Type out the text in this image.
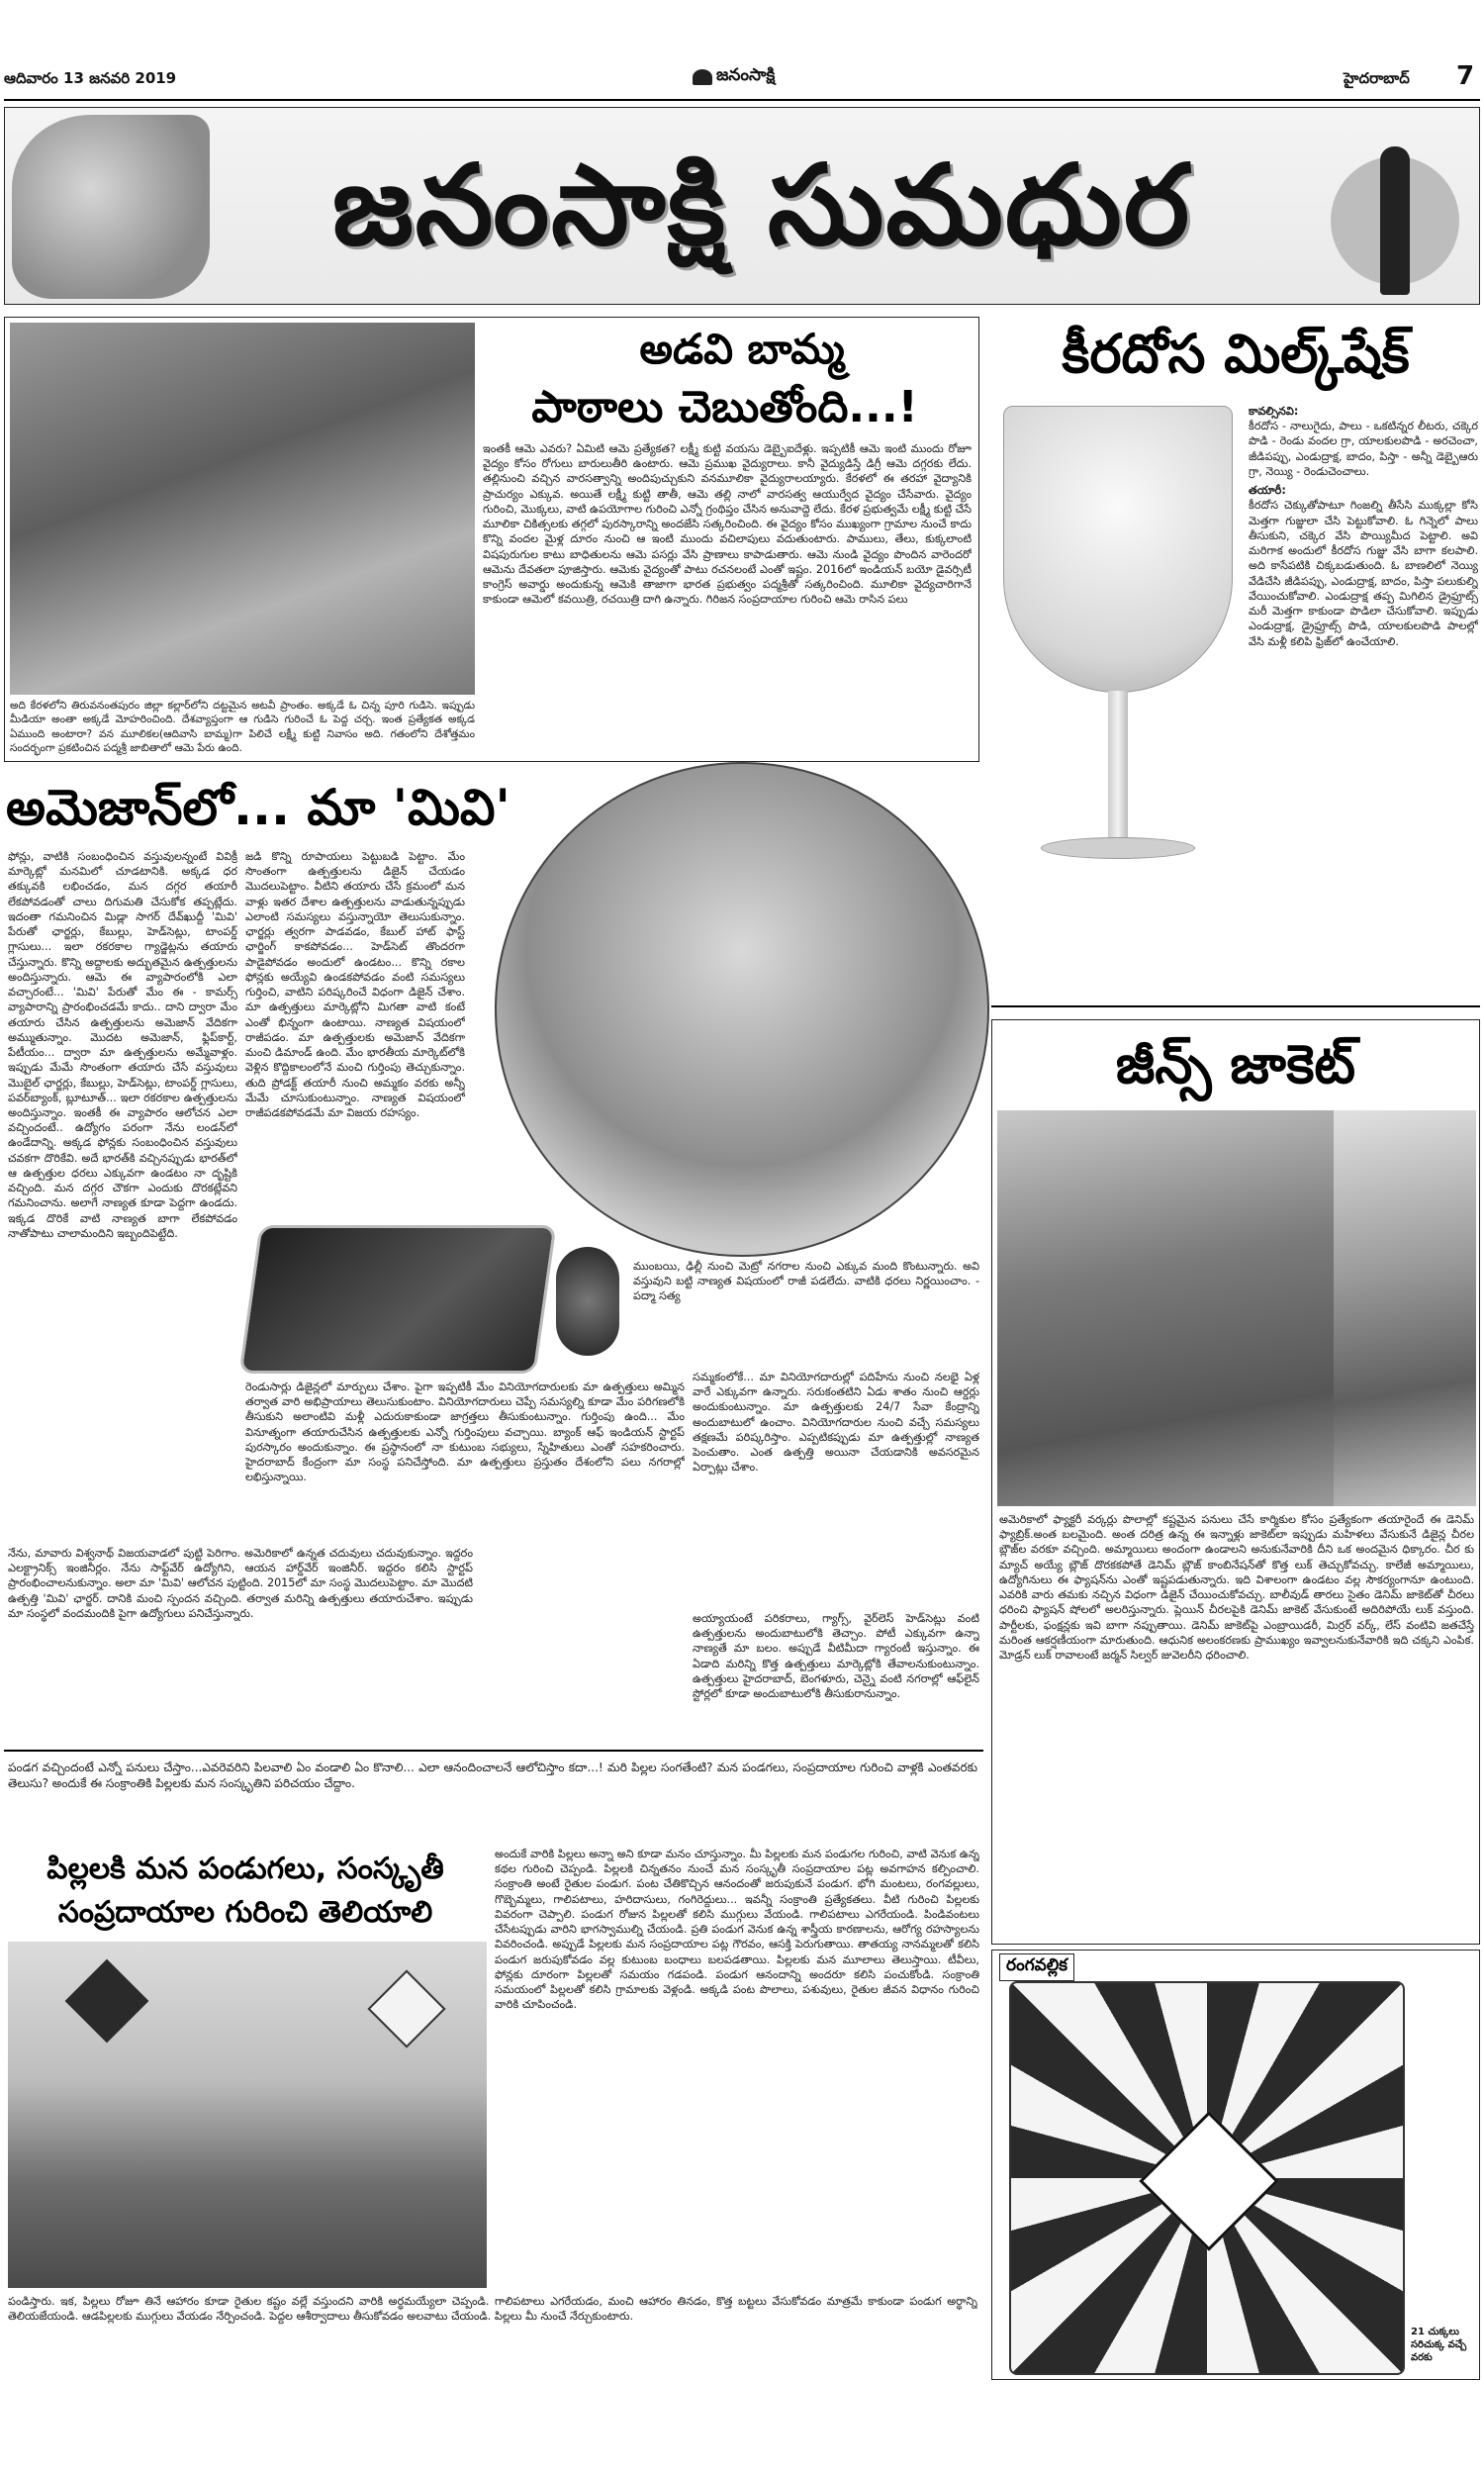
ఆదివారం 13 జనవరి 2019	జనంసాక్షి	హైదరాబాద్ 7
జనంసాక్షి సుమధుర
అడవి బామ్మ
పాఠాలు చెబుతోంది...!
ఇంతకీ ఆమె ఎవరు? ఏమిటి ఆమె ప్రత్యేకత? లక్ష్మీ కుట్టి వయసు డెబ్బైఐదేళ్లు. ఇప్పటికీ ఆమె ఇంటి ముందు రోజూ వైద్యం కోసం రోగులు బారులుతీరి ఉంటారు. ఆమె ప్రముఖ వైద్యురాలు. కానీ వైద్యుడిస్తే డిగ్రీ ఆమె దగ్గరకు లేదు. తల్లినుంచి వచ్చిన వారసత్వాన్ని అందిపుచ్చుకుని వనమూలికా వైద్యురాలయ్యారు. కేరళలో ఈ తరహా వైద్యానికి ప్రాచుర్యం ఎక్కువ. అయితే లక్ష్మీ కుట్టి తాతీ, ఆమె తల్లి నాలో వారసత్వ ఆయుర్వేద వైద్యం చేసేవారు. వైద్యం గురించి, మొక్కలు, వాటి ఉపయోగాల గురించి ఎన్నో గ్రంథిప్తం చేసిన అనువాద్దె లేదు. కేరళ ప్రభుత్వమే లక్ష్మీ కుట్టి చేసే మూలికా చికిత్సలకు తగ్గలో పురస్కారాన్ని అందజేసి సత్కరించింది. ఈ వైద్యం కోసం ముఖ్యంగా గ్రామాల నుంచే కాదు కొన్ని వందల మైళ్ల దూరం నుంచి ఆ ఇంటి ముందు వచిలాపులు వదుతుంటారు. పాములు, తేలు, కుక్కలాంటి విషపురుగుల కాటు బాధితులను ఆమె పసర్లు వేసి ప్రాణాలు కాపాడుతారు. ఆమె నుండి వైద్యం పొందిన వారెందరో ఆమెను దేవతలా పూజిస్తారు. ఆమెకు వైద్యంతో పాటు రచనలంటే ఎంతో ఇష్టం. 2016లో ఇండియన్‌ బయో డైవర్సిటీ కాంగ్రెస్‌ అవార్డు అందుకున్న ఆమెకి తాజాగా భారత ప్రభుత్వం పద్మశ్రీతో సత్కరించింది. మూలికా వైద్యచారిగానే కాకుండా ఆమెలో కవయిత్రి, రచయిత్రి దాగి ఉన్నారు. గిరిజన సంప్రదాయాల గురించి ఆమె రాసిన పలు
అది కేరళలోని తిరువనంతపురం జిల్లా కల్లార్‌లోని దట్టమైన అటవీ ప్రాంతం. అక్కడే ఓ చిన్న పూరి గుడిసె. ఇప్పుడు మీడియా అంతా అక్కడే మోహరించింది. దేశవ్యాప్తంగా ఆ గుడిసె గురించే ఓ పెద్ద చర్చ. ఇంత ప్రత్యేకత అక్కడ ఏముంది అంటారా? వన మూలికల(ఆదివాసి బామ్మ)గా పిలిచే లక్ష్మీ కుట్టి నివాసం అది. గతంలోని దేశోత్తమం సందర్భంగా ప్రకటించిన పద్మశ్రీ జాబితాలో ఆమె పేరు ఉంది.
కీరదోస మిల్క్‌షేక్‌
కావల్సినవి:
కీరదోస - నాలుగైదు, పాలు - ఒకటిన్నర లీటరు, చక్కెర పొడి - రెండు వందల గ్రా, యాలకులపొడి - అరచెంచా, జీడిపప్పు, ఎండుద్రాక్ష, బాదం, పిస్తా - అన్నీ డెబ్బైఆరు గ్రా, నెయ్యి - రెండుచెంచాలు.
తయారీ:
కీరదోస చెక్కుతోపాటూ గింజల్ని తీసేసి ముక్కల్లా కోసి మెత్తగా గుజ్జులా చేసి పెట్టుకోవాలి. ఓ గిన్నెలో పాలు తీసుకుని, చక్కెర వేసి పొయ్యిమీద పెట్టాలి. అవి మరిగాక అందులో కీరదోస గుజ్జు వేసి బాగా కలపాలి. అది కాసేపటికి చిక్కబడుతుంది. ఓ బాణలిలో నెయ్యి వేడిచేసి జీడిపప్పు, ఎండుద్రాక్ష, బాదం, పిస్తా పలుకుల్ని వేయించుకోవాలి. ఎండుద్రాక్ష తప్ప మిగిలిన డ్రైఫ్రూట్స్‌ మరీ మెత్తగా కాకుండా పొడిలా చేసుకోవాలి. ఇప్పుడు ఎండుద్రాక్ష, డ్రైఫ్రూట్స్‌ పొడి, యాలకులపొడి పాలల్లో వేసి మళ్లీ కలిపి ఫ్రిజ్‌లో ఉంచేయాలి.
అమెజాన్‌లో... మా 'మివి'
ఫోన్లు, వాటికి సంబంధించిన వస్తువులన్నంటే వివిక్రీ మార్కెట్లో మనమిలో చూడటానికి. అక్కడ ధర తక్కువకి లభించడం, మన దగ్గర తయారీ లేకపోవడంతో చాలు దిగుమతి చేసుకోక తప్పట్లేదు. ఇదంతా గమనించిన మిడ్లా సాగర్‌ దేవ్‌ఖుద్దీ 'మివి' పేరుతో ఛార్జర్లు, కేబుల్లు, హెడ్‌సెట్లు, టాంపర్డ్‌ గ్లాసులు... ఇలా రకరకాల గ్యాడ్జెట్లను తయారు చేస్తున్నారు. కొన్ని అద్దాలకు అద్భుతమైన ఉత్పత్తులను అందిస్తున్నారు. ఆమె ఈ వ్యాపారంలోకి ఎలా వచ్చారంటే... 'మివి' పేరుతో మేం ఈ - కామర్స్‌ వ్యాపారాన్ని ప్రారంభించడమే కాదు.. దాని ద్వారా మేం తయారు చేసిన ఉత్పత్తులను అమెజాన్‌ వేదికగా అమ్ముతున్నాం. మొదట అమెజాన్‌, ఫ్లిప్‌కార్ట్‌, పేటీయం... ద్వారా మా ఉత్పత్తులను అమ్మేవాళ్లం. ఇప్పుడు మేమే సొంతంగా తయారు చేసే వస్తువులు మొబైల్‌ ఛార్జర్లు, కేబుల్లు, హెడ్‌సెట్లు, టాంపర్డ్‌ గ్లాసులు, పవర్‌బ్యాంక్‌, బ్లూటూత్‌... ఇలా రకరకాల ఉత్పత్తులను అందిస్తున్నాం. ఇంతకీ ఈ వ్యాపారం ఆలోచన ఎలా వచ్చిందంటే.. ఉద్యోగం పరంగా నేను లండన్‌లో ఉండేదాన్ని. అక్కడ ఫోన్లకు సంబంధించిన వస్తువులు చవకగా దొరికేవి. అదే భారత్‌కి వచ్చినప్పుడు భారత్‌లో ఆ ఉత్పత్తుల ధరలు ఎక్కువగా ఉండటం నా దృష్టికి వచ్చింది. మన దగ్గర చౌకగా ఎందుకు దొరకట్లేవని గమనించాను. అలాగే నాణ్యత కూడా పెద్దగా ఉండదు. ఇక్కడ దొరికే వాటి నాణ్యత బాగా లేకపోవడం నాతోపాటు చాలామందిని ఇబ్బందిపెట్టేది.
జడి కొన్ని రూపాయలు పెట్టుబడి పెట్టాం. మేం సొంతంగా ఉత్పత్తులను డిజైన్‌ చేయడం మొదలుపెట్టాం. వీటిని తయారు చేసే క్రమంలో మన వాళ్లు ఇతర దేశాల ఉత్పత్తులను వాడుతున్నప్పుడు ఎలాంటి సమస్యలు వస్తున్నాయో తెలుసుకున్నాం. ఛార్జర్లు త్వరగా పాడవడం, కేబుల్‌ హాట్‌ ఫాస్ట్‌ ఛార్జింగ్‌ కాకపోవడం... హెడ్‌సెట్‌ తొందరగా పాడైపోవడం అందులో ఉండటం... కొన్ని రకాల ఫోన్లకు అయ్యేవి ఉండకపోవడం వంటి సమస్యలు గుర్తించి, వాటిని పరిష్కరించే విధంగా డిజైన్‌ చేశాం. మా ఉత్పత్తులు మార్కెట్లోని మిగతా వాటి కంటే ఎంతో భిన్నంగా ఉంటాయి. నాణ్యత విషయంలో రాజీపడం. మా ఉత్పత్తులకు అమెజాన్‌ వేదికగా మంచి డిమాండ్‌ ఉంది. మేం భారతీయ మార్కెట్‌లోకి వెళ్లిన కొద్దికాలంలోనే మంచి గుర్తింపు తెచ్చుకున్నాం. తుది ప్రోడక్ట్‌ తయారీ నుంచి అమ్మకం వరకు అన్నీ మేమే చూసుకుంటున్నాం. నాణ్యత విషయంలో రాజీపడకపోవడమే మా విజయ రహస్యం.
ముంబయి, ఢిల్లీ నుంచి మెట్రో నగరాల నుంచి ఎక్కువ మంది కొంటున్నారు. అవి వస్తువుని బట్టి నాణ్యత విషయంలో రాజీ పడలేదు. వాటికి ధరలు నిర్ణయించాం. - పద్మా సత్య
సమ్మకంలోకే... మా వినియోగదారుల్లో పదిహేను నుంచి నలభై ఏళ్ల వారే ఎక్కువగా ఉన్నారు. సరుకంతటిని ఏడు శాతం నుంచి ఆర్డర్లు అందుకుంటున్నాం. మా ఉత్పత్తులకు 24/7 సేవా కేంద్రాన్ని అందుబాటులో ఉంచాం. వినియోగదారుల నుంచి వచ్చే సమస్యలు తక్షణమే పరిష్కరిస్తాం. ఎప్పటికప్పుడు మా ఉత్పత్తుల్లో నాణ్యత పెంచుతాం. ఎంత ఉత్పత్తి అయినా చేయడానికి అవసరమైన ఏర్పాట్లు చేశాం.
రెండుసార్లు డిజైన్లలో మార్పులు చేశాం. పైగా ఇప్పటికీ మేం వినియోగదారులకు మా ఉత్పత్తులు అమ్మిన తర్వాత వారి అభిప్రాయాలు తెలుసుకుంటాం. వినియోగదారులు చెప్పే సమస్యల్ని కూడా మేం పరిగణలోకి తీసుకుని అలాంటివి మళ్లీ ఎదురుకాకుండా జాగ్రత్తలు తీసుకుంటున్నాం. గుర్తింపు ఉంది... మేం వినూత్నంగా తయారుచేసిన ఉత్పత్తులకు ఎన్నో గుర్తింపులు వచ్చాయి. బ్యాంక్‌ ఆఫ్‌ ఇండియన్‌ స్టార్టప్‌ పురస్కారం అందుకున్నాం. ఈ ప్రస్థానంలో నా కుటుంబ సభ్యులు, స్నేహితులు ఎంతో సహకరించారు. హైదరాబాద్‌ కేంద్రంగా మా సంస్థ పనిచేస్తోంది. మా ఉత్పత్తులు ప్రస్తుతం దేశంలోని పలు నగరాల్లో లభిస్తున్నాయి.
నేను, మావారు విశ్వనాథ్‌ విజయవాడలో పుట్టి పెరిగాం. అమెరికాలో ఉన్నత చదువులు చదువుకున్నాం. ఇద్దరం ఎలక్ట్రానిక్స్‌ ఇంజినీర్లం. నేను సాఫ్ట్‌వేర్‌ ఉద్యోగిని, ఆయన హార్డ్‌వేర్‌ ఇంజినీర్‌. ఇద్దరం కలిసి స్టార్టప్‌ ప్రారంభించాలనుకున్నాం. అలా మా 'మివి' ఆలోచన పుట్టింది. 2015లో మా సంస్థ మొదలుపెట్టాం. మా మొదటి ఉత్పత్తి 'మివి' ఛార్జర్‌. దానికి మంచి స్పందన వచ్చింది. తర్వాత మరిన్ని ఉత్పత్తులు తయారుచేశాం. ఇప్పుడు మా సంస్థలో వందమందికి పైగా ఉద్యోగులు పనిచేస్తున్నారు.	అయ్యాయంటే పరికరాలు, గ్యాగ్స్‌, వైర్‌లెస్‌ హెడ్‌సెట్లు వంటి ఉత్పత్తులను అందుబాటులోకి తెచ్చాం. పోటీ ఎక్కువగా ఉన్నా నాణ్యతే మా బలం. అప్పుడే వీటిమీదా గ్యారంటీ ఇస్తున్నాం. ఈ ఏడాది మరిన్ని కొత్త ఉత్పత్తులు మార్కెట్లోకి తేవాలనుకుంటున్నాం. ఉత్పత్తులు హైదరాబాద్‌, బెంగళూరు, చెన్నై వంటి నగరాల్లో ఆఫ్‌లైన్‌ స్టోర్లలో కూడా అందుబాటులోకి తీసుకురానున్నాం.
జీన్స్‌ జాకెట్‌
అమెరికాలో ఫ్యాక్టరీ వర్కర్లు పొలాల్లో కష్టమైన పనులు చేసే కార్మికుల కోసం ప్రత్యేకంగా తయారైందే ఈ డెనిమ్‌ ఫ్యాబ్రిక్‌.అంత బలమైంది. అంత దరిత్ర ఉన్న ఈ ఇన్నాళ్లు జాకెట్‌లా ఇప్పుడు మహిళలు వేసుకునే డిజైన్ల చీరల బ్లౌజ్‌ల వరకూ వచ్చింది. అమ్మాయిలు అందంగా ఉండాలని అనుకునేవారికి దీని ఒక అందమైన ధిక్కారం. చీర కు మ్యాచ్‌ అయ్యే బ్లౌజ్‌ దొరకకపోతే డెనిమ్‌ బ్లౌజ్‌ కాంబినేషన్‌తో కొత్త లుక్‌ తెచ్చుకోవచ్చు. కాలేజీ అమ్మాయిలు, ఉద్యోగినులు ఈ ఫ్యాషన్‌ను ఎంతో ఇష్టపడుతున్నారు. ఇది విశాలంగా ఉండటం వల్ల సౌకర్యంగానూ ఉంటుంది. ఎవరికి వారు తమకు నచ్చిన విధంగా డిజైన్‌ చేయించుకోవచ్చు. బాలీవుడ్‌ తారలు సైతం డెనిమ్‌ జాకెట్‌తో చీరలు ధరించి ఫ్యాషన్‌ షోలలో అలరిస్తున్నారు. ప్లెయిన్‌ చీరలపైకి డెనిమ్‌ జాకెట్‌ వేసుకుంటే అదిరిపోయే లుక్‌ వస్తుంది. పార్టీలకు, ఫంక్షన్లకు ఇవి బాగా నప్పుతాయి. డెనిమ్‌ జాకెట్‌పై ఎంబ్రాయిడరీ, మిర్రర్‌ వర్క్‌, లేస్‌ వంటివి జతచేస్తే మరింత ఆకర్షణీయంగా మారుతుంది. ఆధునిక అలంకరణకు ప్రాముఖ్యం ఇవ్వాలనుకునేవారికి ఇది చక్కని ఎంపిక. మోడ్రన్‌ లుక్‌ రావాలంటే జర్మన్‌ సిల్వర్‌ జువెలరీని ధరించాలి.
పండగ వచ్చిందంటే ఎన్నో పనులు చేస్తాం...ఎవరెవరిని పిలవాలి ఏం వండాలి ఏం కొనాలి... ఎలా ఆనందించాలనే ఆలోచిస్తాం కదా...! మరి పిల్లల సంగతేంటి? మన పండగలు, సంప్రదాయాల గురించి వాళ్లకి ఎంతవరకు తెలుసు? అందుకే ఈ సంక్రాంతికి పిల్లలకు మన సంస్కృతిని పరిచయం చేద్దాం.
పిల్లలకి మన పండుగలు, సంస్కృతీ
సంప్రదాయాల గురించి తెలియాలి
అందుకే వారికి పిల్లలు అన్నా అని కూడా మనం చూస్తున్నాం. మీ పిల్లలకు మన పండుగల గురించి, వాటి వెనుక ఉన్న కథల గురించి చెప్పండి. పిల్లలకి చిన్నతనం నుంచే మన సంస్కృతీ సంప్రదాయాల పట్ల అవగాహన కల్పించాలి. సంక్రాంతి అంటే రైతుల పండుగ. పంట చేతికొచ్చిన ఆనందంతో జరుపుకునే పండుగ. భోగి మంటలు, రంగవల్లులు, గొబ్బెమ్మలు, గాలిపటాలు, హరిదాసులు, గంగిరెద్దులు... ఇవన్నీ సంక్రాంతి ప్రత్యేకతలు. వీటి గురించి పిల్లలకు వివరంగా చెప్పాలి. పండుగ రోజున పిల్లలతో కలిసి ముగ్గులు వేయండి. గాలిపటాలు ఎగరేయండి. పిండివంటలు చేసేటప్పుడు వారిని భాగస్వాముల్ని చేయండి. ప్రతి పండుగ వెనుక ఉన్న శాస్త్రీయ కారణాలను, ఆరోగ్య రహస్యాలను వివరించండి. అప్పుడే పిల్లలకు మన సంప్రదాయాల పట్ల గౌరవం, ఆసక్తి పెరుగుతాయి. తాతయ్య నానమ్మలతో కలిసి పండుగ జరుపుకోవడం వల్ల కుటుంబ బంధాలు బలపడతాయి. పిల్లలకు మన మూలాలు తెలుస్తాయి. టీవీలు, ఫోన్లకు దూరంగా పిల్లలతో సమయం గడపండి. పండుగ ఆనందాన్ని అందరూ కలిసి పంచుకోండి. సంక్రాంతి సమయంలో పిల్లలతో కలిసి గ్రామాలకు వెళ్లండి. అక్కడి పంట పొలాలు, పశువులు, రైతుల జీవన విధానం గురించి వారికి చూపించండి.
పండిస్తారు. ఇక, పిల్లలు రోజూ తినే ఆహారం కూడా రైతుల కష్టం వల్లే వస్తుందని వారికి అర్థమయ్యేలా చెప్పండి. గాలిపటాలు ఎగరేయడం, మంచి ఆహారం తినడం, కొత్త బట్టలు వేసుకోవడం మాత్రమే కాకుండా పండుగ అర్థాన్ని తెలియజేయండి. ఆడపిల్లలకు ముగ్గులు వేయడం నేర్పించండి. పెద్దల ఆశీర్వాదాలు తీసుకోవడం అలవాటు చేయండి. పిల్లలు మీ నుంచే నేర్చుకుంటారు.
రంగవల్లిక
21 చుక్కలు సరిచుక్క వచ్చే వరకు
